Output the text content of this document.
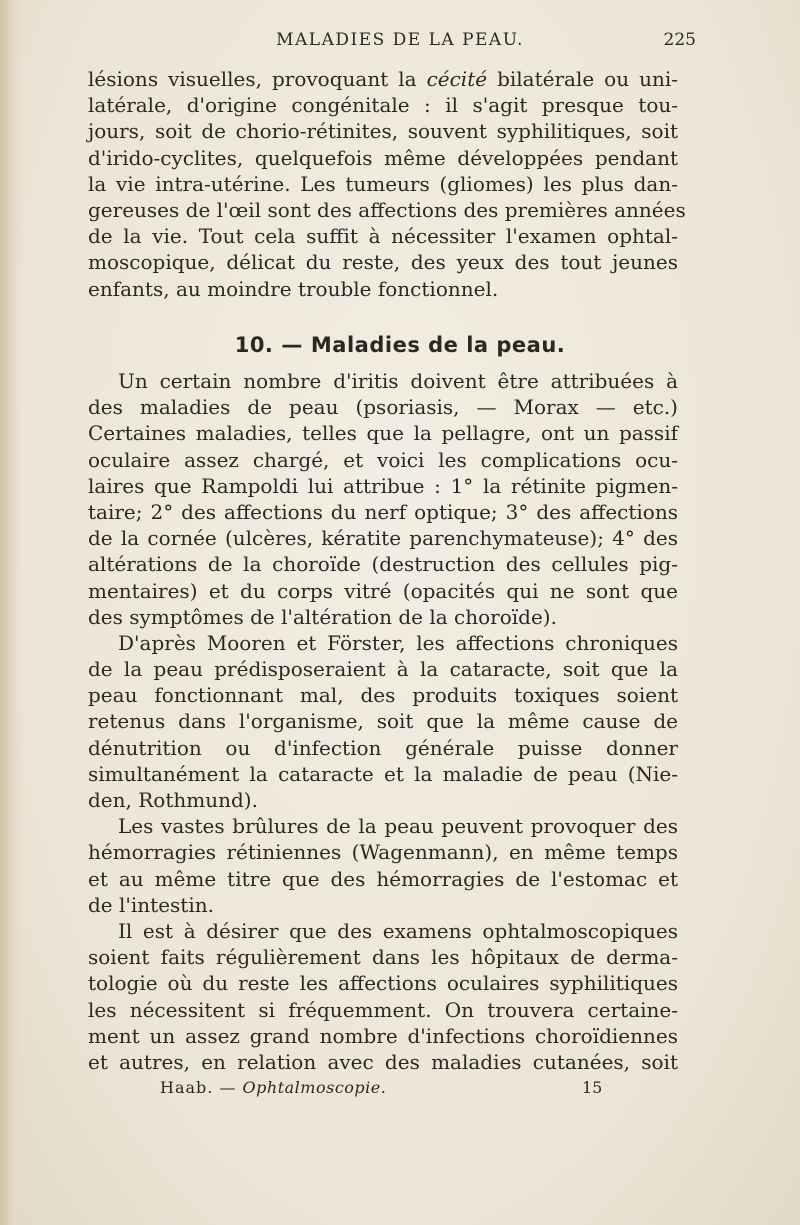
MALADIES DE LA PEAU.	225
lésions visuelles, provoquant la cécité bilatérale ou uni-
latérale, d'origine congénitale : il s'agit presque tou-
jours, soit de chorio-rétinites, souvent syphilitiques, soit
d'irido-cyclites, quelquefois même développées pendant
la vie intra-utérine. Les tumeurs (gliomes) les plus dan-
gereuses de l'œil sont des affections des premières années
de la vie. Tout cela suffit à nécessiter l'examen ophtal-
moscopique, délicat du reste, des yeux des tout jeunes
enfants, au moindre trouble fonctionnel.
10. — Maladies de la peau.
Un certain nombre d'iritis doivent être attribuées à
des maladies de peau (psoriasis, — Morax — etc.)
Certaines maladies, telles que la pellagre, ont un passif
oculaire assez chargé, et voici les complications ocu-
laires que Rampoldi lui attribue : 1° la rétinite pigmen-
taire; 2° des affections du nerf optique; 3° des affections
de la cornée (ulcères, kératite parenchymateuse); 4° des
altérations de la choroïde (destruction des cellules pig-
mentaires) et du corps vitré (opacités qui ne sont que
des symptômes de l'altération de la choroïde).
D'après Mooren et Förster, les affections chroniques
de la peau prédisposeraient à la cataracte, soit que la
peau fonctionnant mal, des produits toxiques soient
retenus dans l'organisme, soit que la même cause de
dénutrition ou d'infection générale puisse donner
simultanément la cataracte et la maladie de peau (Nie-
den, Rothmund).
Les vastes brûlures de la peau peuvent provoquer des
hémorragies rétiniennes (Wagenmann), en même temps
et au même titre que des hémorragies de l'estomac et
de l'intestin.
Il est à désirer que des examens ophtalmoscopiques
soient faits régulièrement dans les hôpitaux de derma-
tologie où du reste les affections oculaires syphilitiques
les nécessitent si fréquemment. On trouvera certaine-
ment un assez grand nombre d'infections choroïdiennes
et autres, en relation avec des maladies cutanées, soit
Haab. — Ophtalmoscopie.	15
